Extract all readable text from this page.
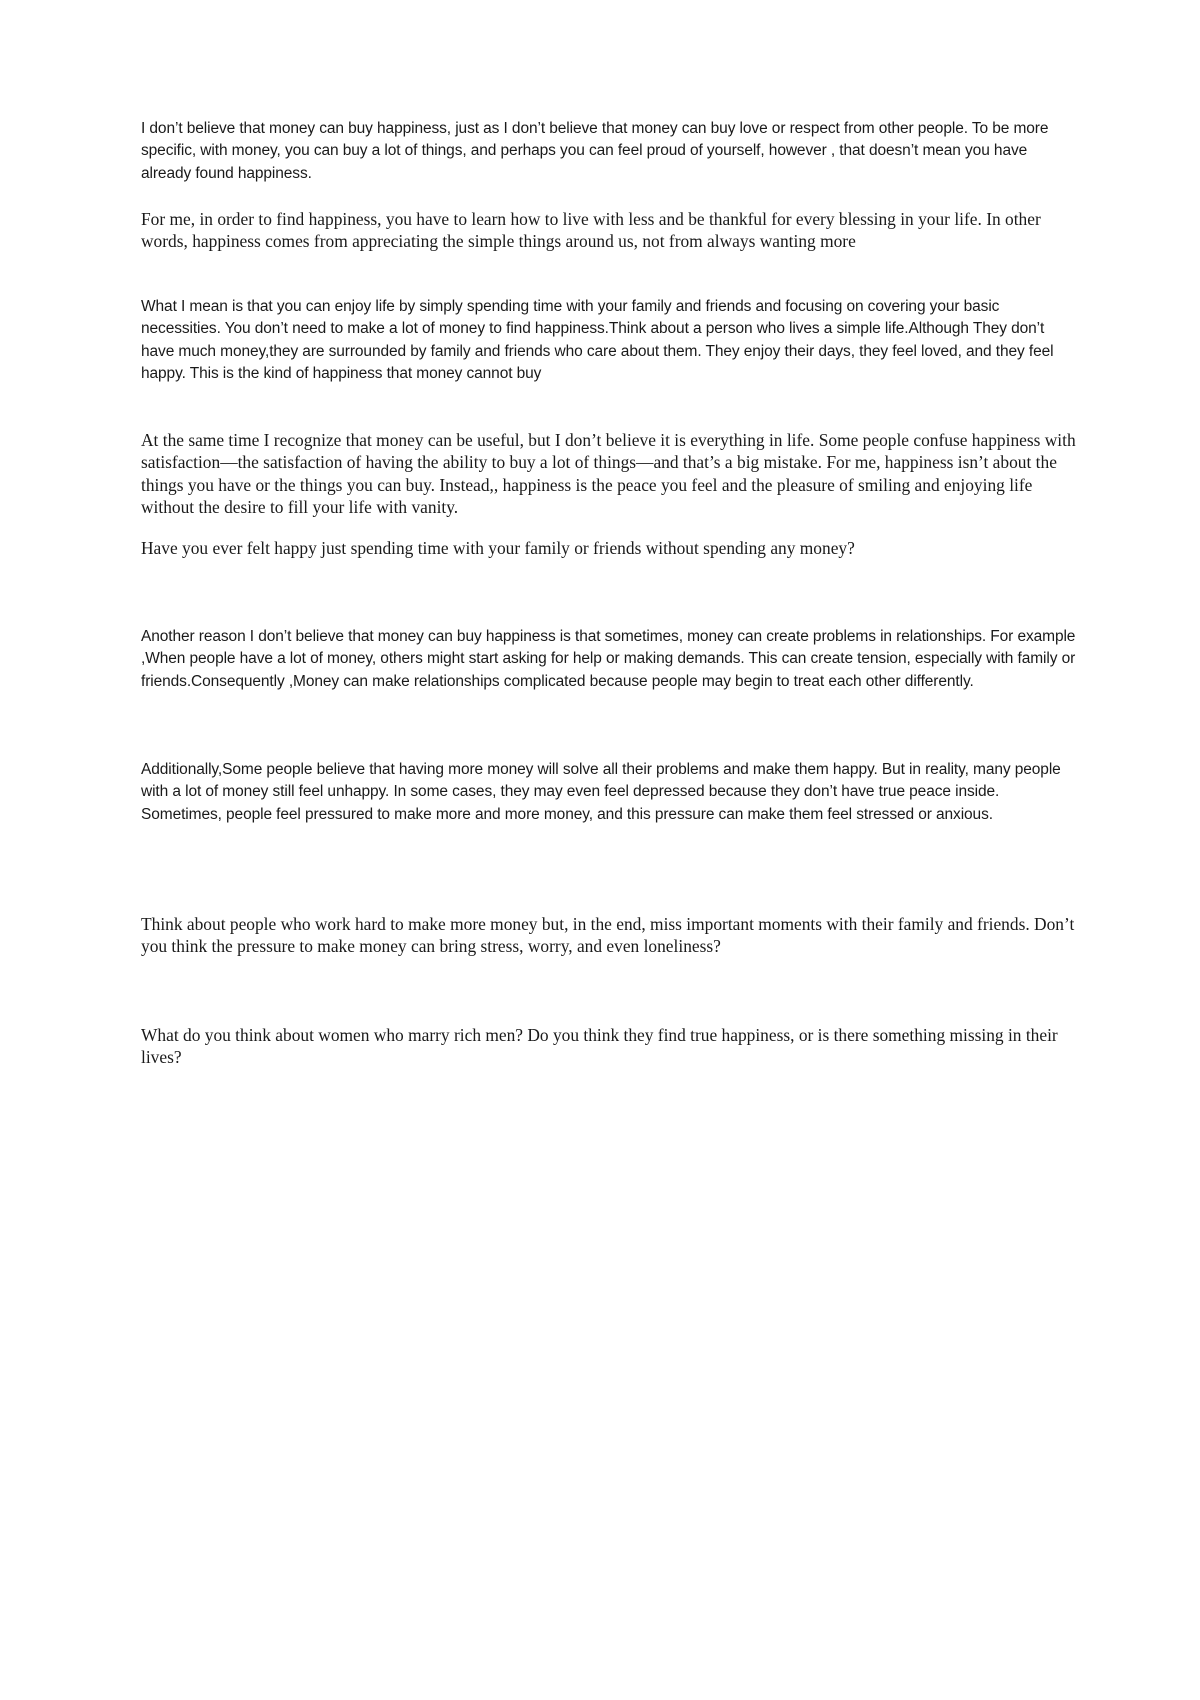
I don’t believe that money can buy happiness, just as I don’t believe that money can buy love or respect from other people. To be more specific, with money, you can buy a lot of things, and perhaps you can feel proud of yourself, however , that doesn’t mean you have already found happiness.

For me, in order to find happiness, you have to learn how to live with less and be thankful for every blessing in your life. In other words, happiness comes from appreciating the simple things around us, not from always wanting more

What I mean is that you can enjoy life by simply spending time with your family and friends and focusing on covering your basic necessities. You don’t need to make a lot of money to find happiness.Think about a person who lives a simple life.Although They don’t have much money,they are surrounded by family and friends who care about them. They enjoy their days, they feel loved, and they feel happy. This is the kind of happiness that money cannot buy

At the same time I recognize that money can be useful, but I don’t believe it is everything in life. Some people confuse happiness with satisfaction—the satisfaction of having the ability to buy a lot of things—and that’s a big mistake. For me, happiness isn’t about the things you have or the things you can buy. Instead,, happiness is the peace you feel and the pleasure of smiling and enjoying life without the desire to fill your life with vanity.

Have you ever felt happy just spending time with your family or friends without spending any money?

Another reason I don’t believe that money can buy happiness is that sometimes, money can create problems in relationships. For example ,When people have a lot of money, others might start asking for help or making demands. This can create tension, especially with family or friends.Consequently ,Money can make relationships complicated because people may begin to treat each other differently.

Additionally,Some people believe that having more money will solve all their problems and make them happy. But in reality, many people with a lot of money still feel unhappy. In some cases, they may even feel depressed because they don’t have true peace inside. Sometimes, people feel pressured to make more and more money, and this pressure can make them feel stressed or anxious.

Think about people who work hard to make more money but, in the end, miss important moments with their family and friends. Don’t you think the pressure to make money can bring stress, worry, and even loneliness?

What do you think about women who marry rich men? Do you think they find true happiness, or is there something missing in their lives?
